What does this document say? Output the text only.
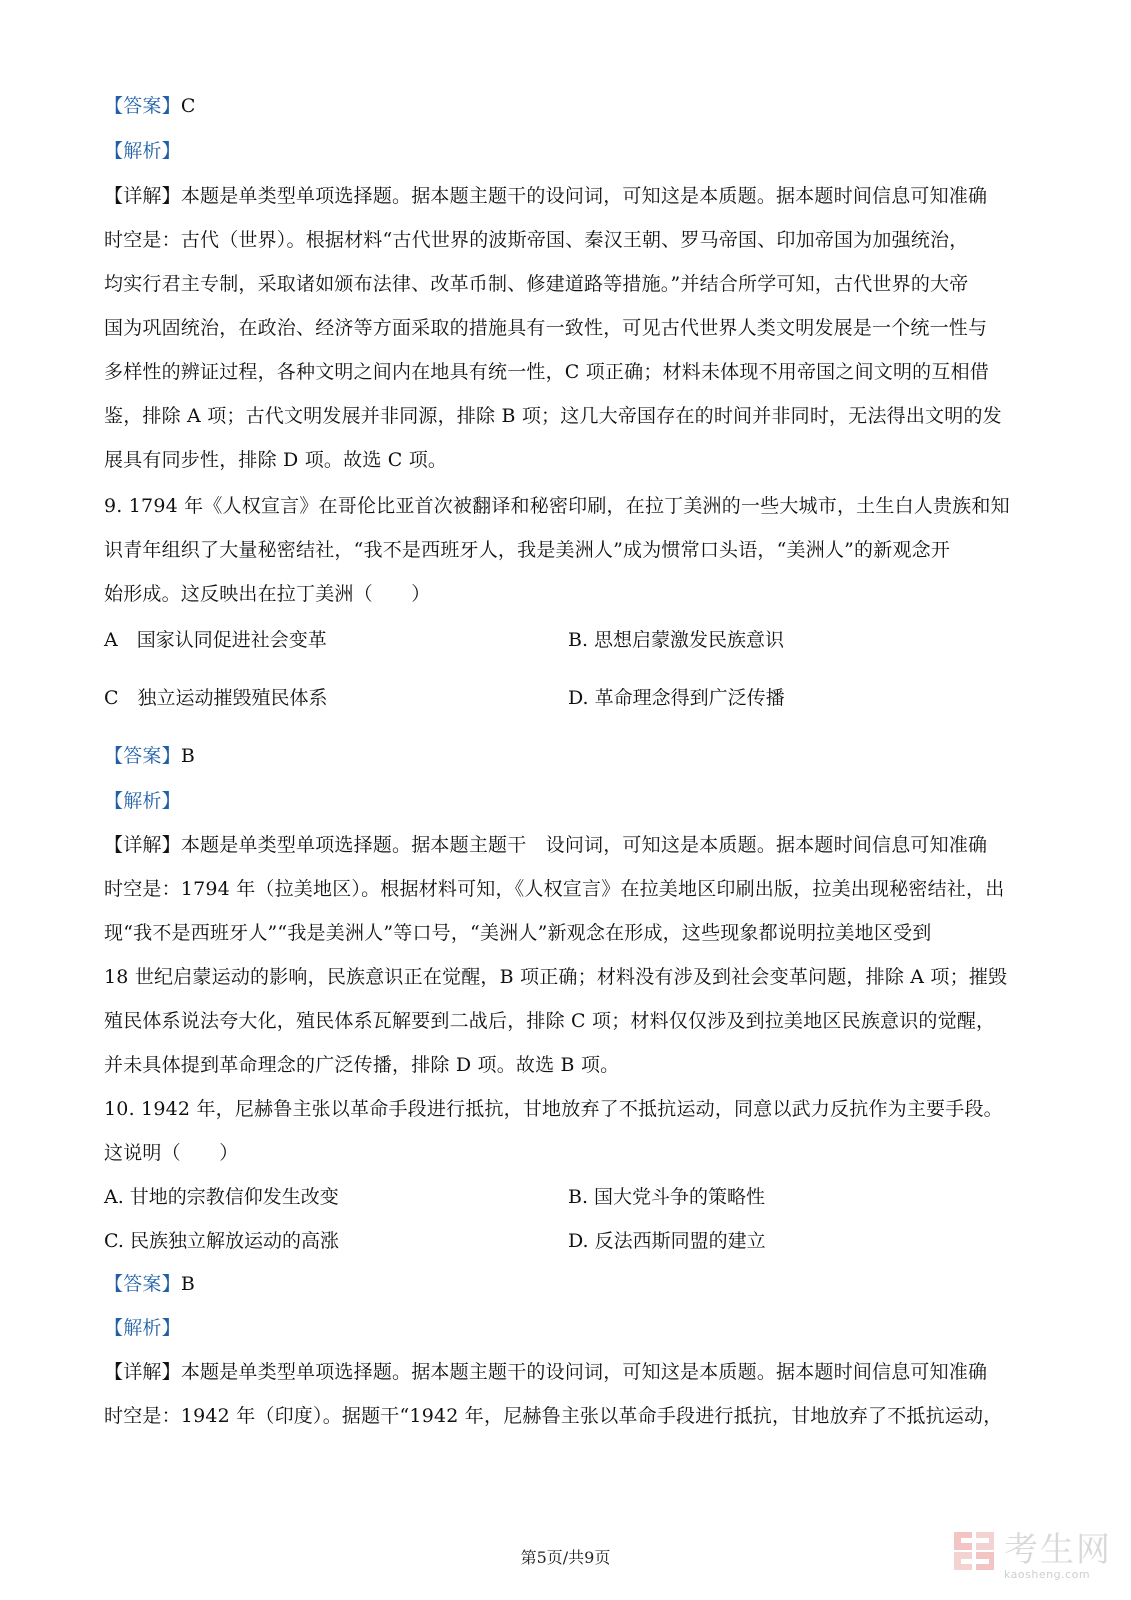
【答案】C
【解析】
【详解】本题是单类型单项选择题。据本题主题干的设问词，可知这是本质题。据本题时间信息可知准确
时空是：古代（世界）。根据材料“古代世界的波斯帝国、秦汉王朝、罗马帝国、印加帝国为加强统治，
均实行君主专制，采取诸如颁布法律、改革币制、修建道路等措施。”并结合所学可知，古代世界的大帝
国为巩固统治，在政治、经济等方面采取的措施具有一致性，可见古代世界人类文明发展是一个统一性与
多样性的辨证过程，各种文明之间内在地具有统一性，C 项正确；材料未体现不用帝国之间文明的互相借
鉴，排除 A 项；古代文明发展并非同源，排除 B 项；这几大帝国存在的时间并非同时，无法得出文明的发
展具有同步性，排除 D 项。故选 C 项。
9. 1794 年《人权宣言》在哥伦比亚首次被翻译和秘密印刷，在拉丁美洲的一些大城市，土生白人贵族和知
识青年组织了大量秘密结社，“我不是西班牙人，我是美洲人”成为惯常口头语，“美洲人”的新观念开
始形成。这反映出在拉丁美洲（　　）
A　国家认同促进社会变革	B. 思想启蒙激发民族意识
C　独立运动摧毁殖民体系	D. 革命理念得到广泛传播
【答案】B
【解析】
【详解】本题是单类型单项选择题。据本题主题干　设问词，可知这是本质题。据本题时间信息可知准确
时空是：1794 年（拉美地区）。根据材料可知，《人权宣言》在拉美地区印刷出版，拉美出现秘密结社，出
现“我不是西班牙人”“我是美洲人”等口号，“美洲人”新观念在形成，这些现象都说明拉美地区受到
18 世纪启蒙运动的影响，民族意识正在觉醒，B 项正确；材料没有涉及到社会变革问题，排除 A 项；摧毁
殖民体系说法夸大化，殖民体系瓦解要到二战后，排除 C 项；材料仅仅涉及到拉美地区民族意识的觉醒，
并未具体提到革命理念的广泛传播，排除 D 项。故选 B 项。
10. 1942 年，尼赫鲁主张以革命手段进行抵抗，甘地放弃了不抵抗运动，同意以武力反抗作为主要手段。
这说明（　　）
A. 甘地的宗教信仰发生改变	B. 国大党斗争的策略性
C. 民族独立解放运动的高涨	D. 反法西斯同盟的建立
【答案】B
【解析】
【详解】本题是单类型单项选择题。据本题主题干的设问词，可知这是本质题。据本题时间信息可知准确
时空是：1942 年（印度）。据题干“1942 年，尼赫鲁主张以革命手段进行抵抗，甘地放弃了不抵抗运动，
第5页/共9页	考生网
kaosheng.com
